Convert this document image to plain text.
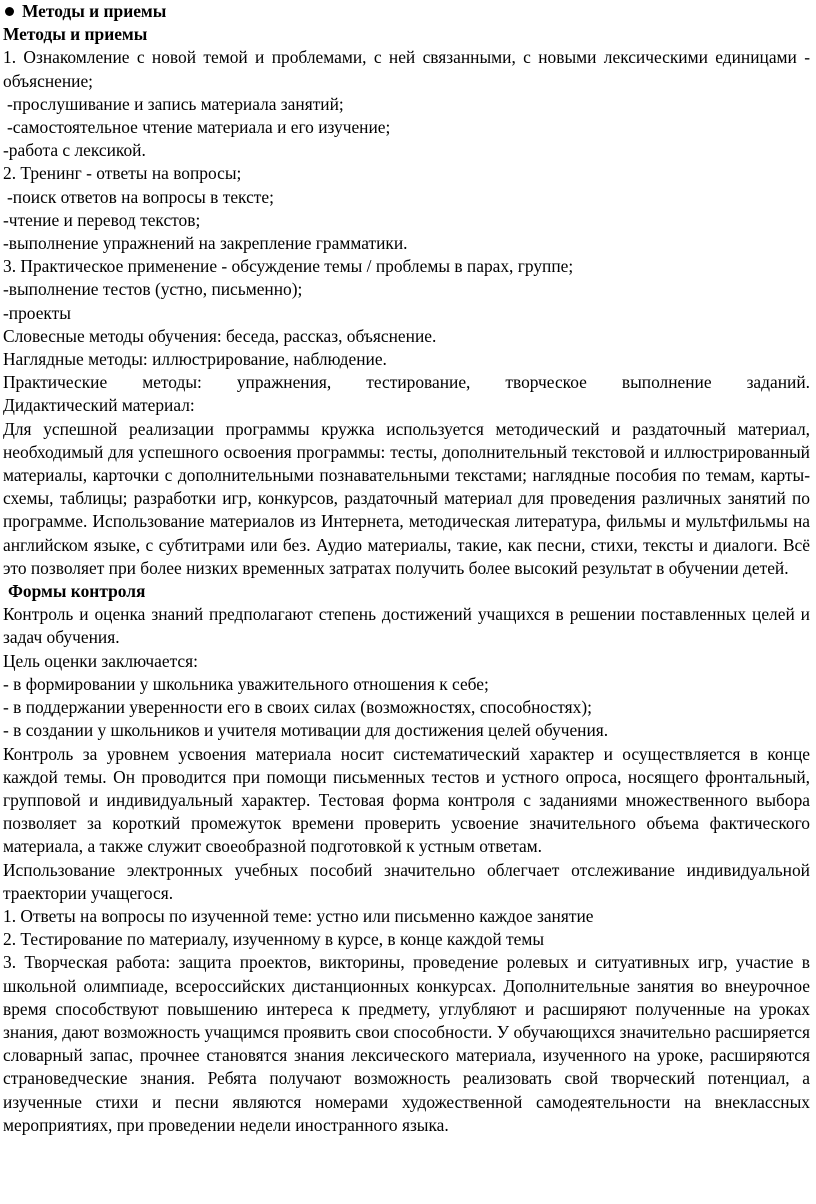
Методы и приемы

Методы и приемы

1. Ознакомление с новой темой и проблемами, с ней связанными, с новыми лексическими единицами - объяснение;

-прослушивание и запись материала занятий;

-самостоятельное чтение материала и его изучение;

-работа с лексикой.

2. Тренинг - ответы на вопросы;

-поиск ответов на вопросы в тексте;

-чтение и перевод текстов;

-выполнение упражнений на закрепление грамматики.

3. Практическое применение - обсуждение темы / проблемы в парах, группе;

-выполнение тестов (устно, письменно);

-проекты

Словесные методы обучения: беседа, рассказ, объяснение.

Наглядные методы: иллюстрирование, наблюдение.

Практические методы: упражнения, тестирование, творческое выполнение заданий.

Дидактический материал:

Для успешной реализации программы кружка используется методический и раздаточный материал, необходимый для успешного освоения программы: тесты, дополнительный текстовой и иллюстрированный материалы, карточки с дополнительными познавательными текстами; наглядные пособия по темам, карты-схемы, таблицы; разработки игр, конкурсов, раздаточный материал для проведения различных занятий по программе. Использование материалов из Интернета, методическая литература, фильмы и мультфильмы на английском языке, с субтитрами или без. Аудио материалы, такие, как песни, стихи, тексты и диалоги. Всё это позволяет при более низких временных затратах получить более высокий результат в обучении детей.

Формы контроля

Контроль и оценка знаний предполагают степень достижений учащихся в решении поставленных целей и задач обучения.

Цель оценки заключается:

- в формировании у школьника уважительного отношения к себе;

- в поддержании уверенности его в своих силах (возможностях, способностях);

- в создании у школьников и учителя мотивации для достижения целей обучения.

Контроль за уровнем усвоения материала носит систематический характер и осуществляется в конце каждой темы. Он проводится при помощи письменных тестов и устного опроса, носящего фронтальный, групповой и индивидуальный характер. Тестовая форма контроля с заданиями множественного выбора позволяет за короткий промежуток времени проверить усвоение значительного объема фактического материала, а также служит своеобразной подготовкой к устным ответам.

Использование электронных учебных пособий значительно облегчает отслеживание индивидуальной траектории учащегося.

1. Ответы на вопросы по изученной теме: устно или письменно каждое занятие

2. Тестирование по материалу, изученному в курсе, в конце каждой темы

3. Творческая работа: защита проектов, викторины, проведение ролевых и ситуативных игр, участие в школьной олимпиаде, всероссийских дистанционных конкурсах. Дополнительные занятия во внеурочное время способствуют повышению интереса к предмету, углубляют и расширяют полученные на уроках знания, дают возможность учащимся проявить свои способности. У обучающихся значительно расширяется словарный запас, прочнее становятся знания лексического материала, изученного на уроке, расширяются страноведческие знания. Ребята получают возможность реализовать свой творческий потенциал, а изученные стихи и песни являются номерами художественной самодеятельности на внеклассных мероприятиях, при проведении недели иностранного языка.
